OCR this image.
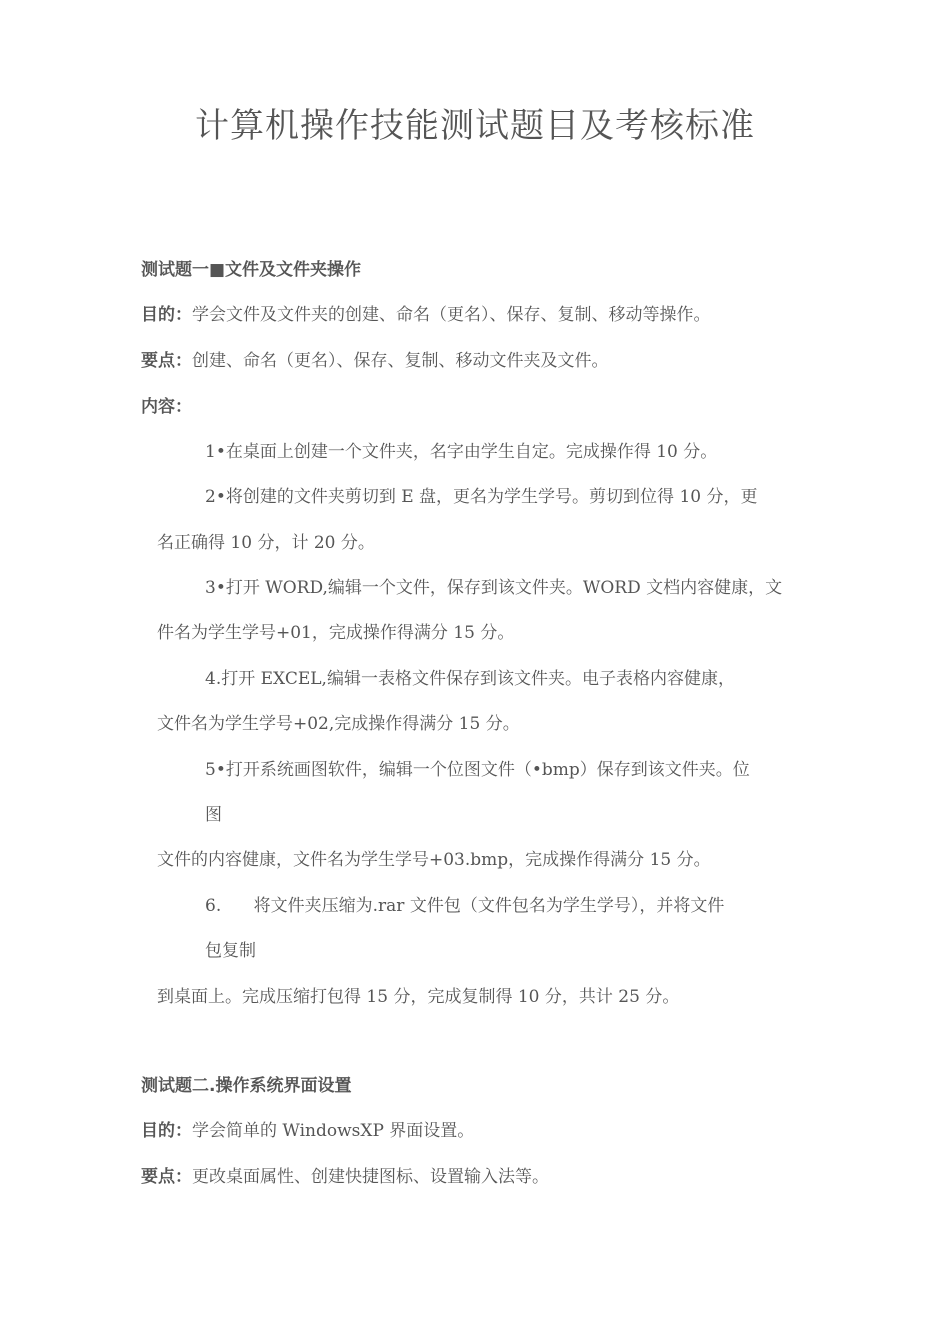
计算机操作技能测试题目及考核标准
测试题一■文件及文件夹操作
目的：学会文件及文件夹的创建、命名（更名）、保存、复制、移动等操作。
要点：创建、命名（更名）、保存、复制、移动文件夹及文件。
内容：
1•在桌面上创建一个文件夹，名字由学生自定。完成操作得 10 分。
2•将创建的文件夹剪切到 E 盘，更名为学生学号。剪切到位得 10 分，更
名正确得 10 分，计 20 分。
3•打开 WORD,编辑一个文件，保存到该文件夹。WORD 文档内容健康，文
件名为学生学号+01，完成操作得满分 15 分。
4.打开 EXCEL,编辑一表格文件保存到该文件夹。电子表格内容健康，
文件名为学生学号+02,完成操作得满分 15 分。
5•打开系统画图软件，编辑一个位图文件（•bmp）保存到该文件夹。位
图
文件的内容健康，文件名为学生学号+03.bmp，完成操作得满分 15 分。
6.      将文件夹压缩为.rar 文件包（文件包名为学生学号），并将文件
包复制
到桌面上。完成压缩打包得 15 分，完成复制得 10 分，共计 25 分。
测试题二.操作系统界面设置
目的：学会简单的 WindowsXP 界面设置。
要点：更改桌面属性、创建快捷图标、设置输入法等。
